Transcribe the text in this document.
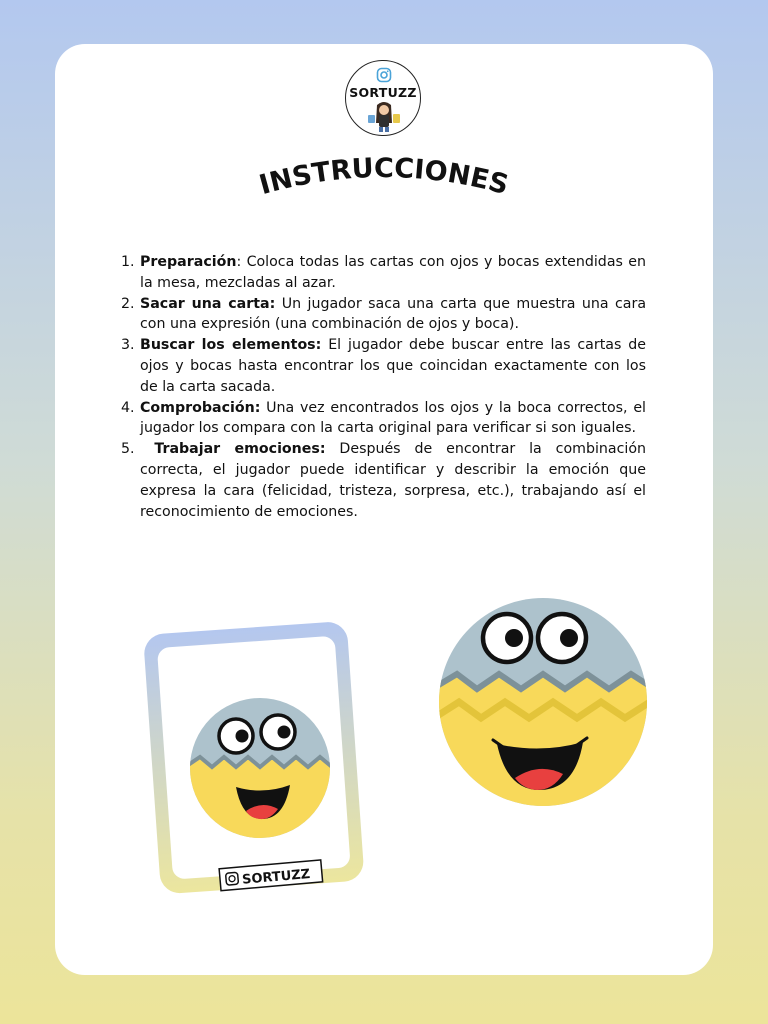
SORTUZZ
INSTRUCCIONES
1. Preparación: Coloca todas las cartas con ojos y bocas extendidas en la mesa, mezcladas al azar.
2. Sacar una carta: Un jugador saca una carta que muestra una cara con una expresión (una combinación de ojos y boca).
3. Buscar los elementos: El jugador debe buscar entre las cartas de ojos y bocas hasta encontrar los que coincidan exactamente con los de la carta sacada.
4. Comprobación: Una vez encontrados los ojos y la boca correctos, el jugador los compara con la carta original para verificar si son iguales.
5. Trabajar emociones: Después de encontrar la combinación correcta, el jugador puede identificar y describir la emoción que expresa la cara (felicidad, tristeza, sorpresa, etc.), trabajando así el reconocimiento de emociones.
SORTUZZ
